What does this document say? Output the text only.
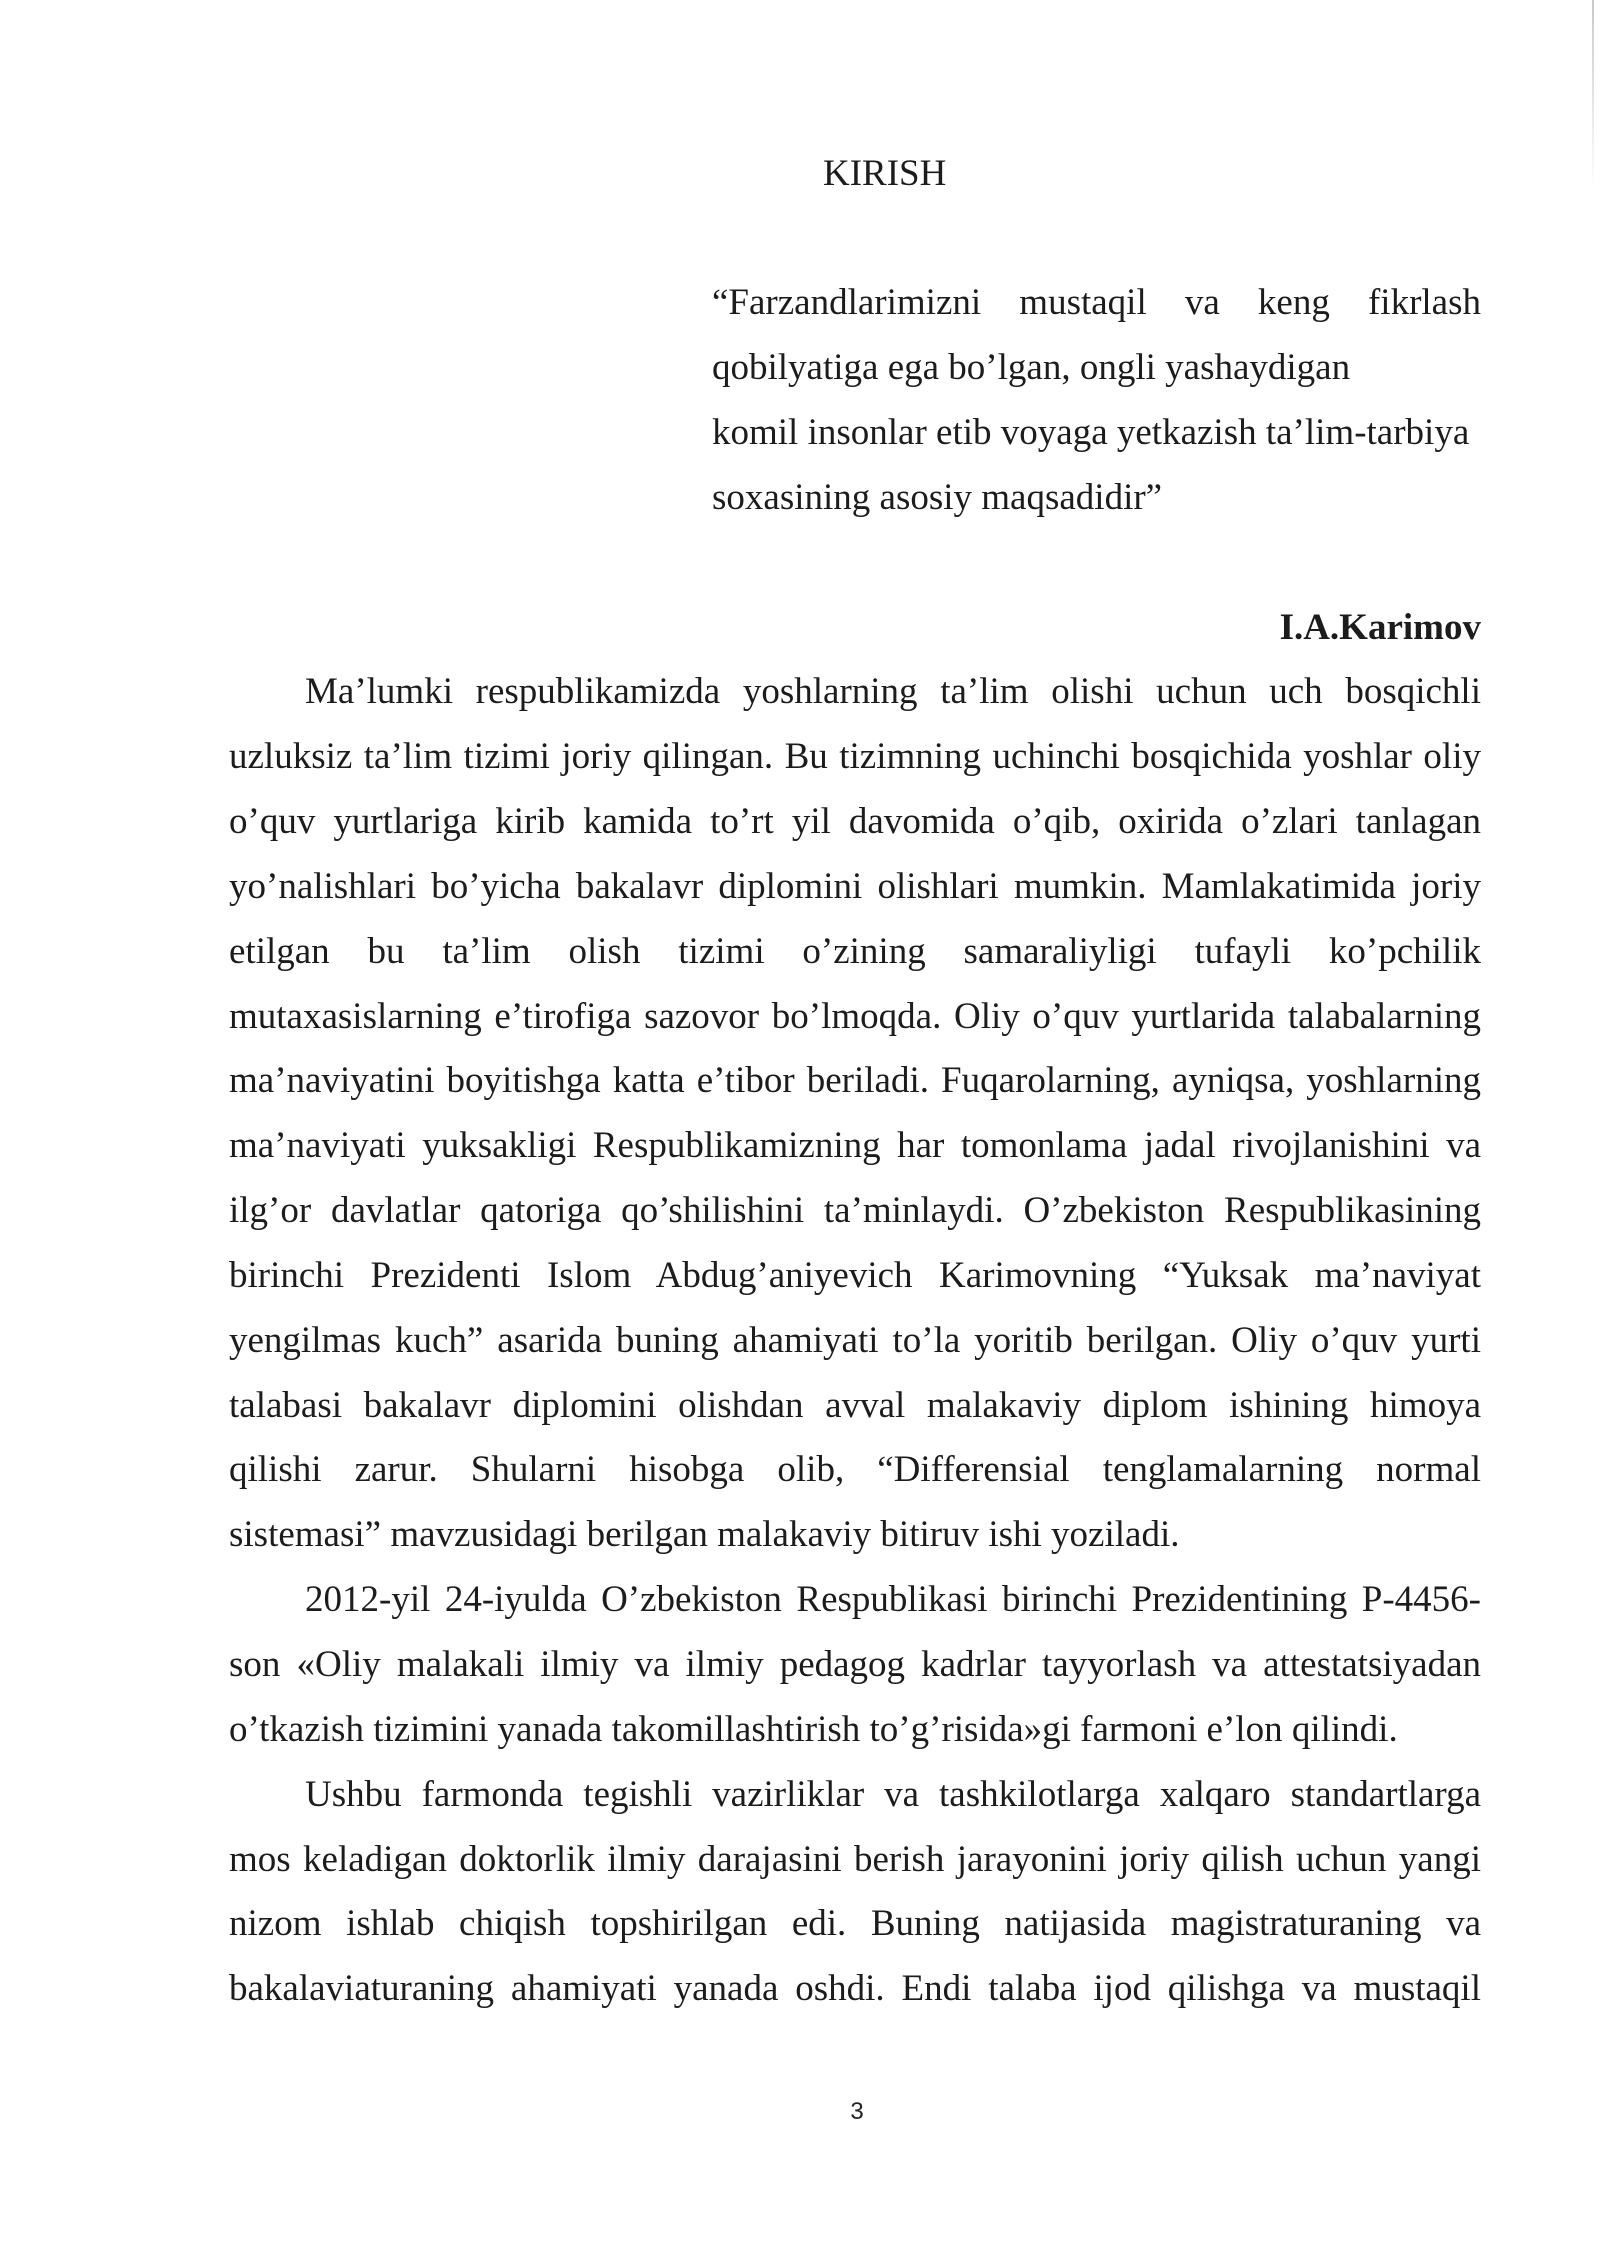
KIRISH
“Farzandlarimizni mustaqil va keng fikrlash
qobilyatiga ega bo’lgan, ongli yashaydigan
komil insonlar etib voyaga yetkazish ta’lim-tarbiya
soxasining asosiy maqsadidir”
I.A.Karimov
Ma’lumki respublikamizda yoshlarning ta’lim olishi uchun uch bosqichli
uzluksiz ta’lim tizimi joriy qilingan. Bu tizimning uchinchi bosqichida yoshlar oliy
o’quv yurtlariga kirib kamida to’rt yil davomida o’qib, oxirida o’zlari tanlagan
yo’nalishlari bo’yicha bakalavr diplomini olishlari mumkin. Mamlakatimida joriy
etilgan bu ta’lim olish tizimi o’zining samaraliyligi tufayli ko’pchilik
mutaxasislarning e’tirofiga sazovor bo’lmoqda. Oliy o’quv yurtlarida talabalarning
ma’naviyatini boyitishga katta e’tibor beriladi. Fuqarolarning, ayniqsa, yoshlarning
ma’naviyati yuksakligi Respublikamizning har tomonlama jadal rivojlanishini va
ilg’or davlatlar qatoriga qo’shilishini ta’minlaydi. O’zbekiston Respublikasining
birinchi Prezidenti Islom Abdug’aniyevich Karimovning “Yuksak ma’naviyat
yengilmas kuch” asarida buning ahamiyati to’la yoritib berilgan. Oliy o’quv yurti
talabasi bakalavr diplomini olishdan avval malakaviy diplom ishining himoya
qilishi zarur. Shularni hisobga olib, “Differensial tenglamalarning normal
sistemasi” mavzusidagi berilgan malakaviy bitiruv ishi yoziladi.
2012-yil 24-iyulda O’zbekiston Respublikasi birinchi Prezidentining P-4456-
son «Oliy malakali ilmiy va ilmiy pedagog kadrlar tayyorlash va attestatsiyadan
o’tkazish tizimini yanada takomillashtirish to’g’risida»gi farmoni e’lon qilindi.
Ushbu farmonda tegishli vazirliklar va tashkilotlarga xalqaro standartlarga
mos keladigan doktorlik ilmiy darajasini berish jarayonini joriy qilish uchun yangi
nizom ishlab chiqish topshirilgan edi. Buning natijasida magistraturaning va
bakalaviaturaning ahamiyati yanada oshdi. Endi talaba ijod qilishga va mustaqil
3
